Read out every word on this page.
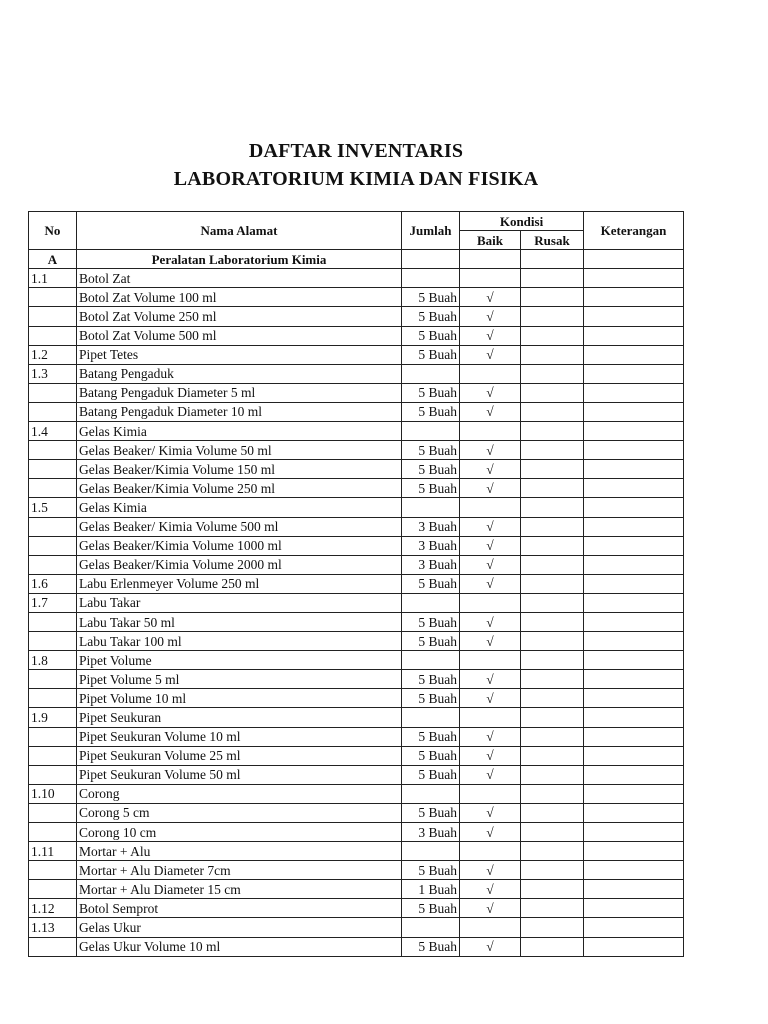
DAFTAR INVENTARIS
LABORATORIUM KIMIA DAN FISIKA
No	Nama Alamat	Jumlah	Kondisi		Keterangan
			Baik	Rusak	
A	Peralatan Laboratorium Kimia				
1.1	Botol Zat				
	Botol Zat Volume 100 ml	5 Buah	√		
	Botol Zat Volume 250 ml	5 Buah	√		
	Botol Zat Volume 500 ml	5 Buah	√		
1.2	Pipet Tetes	5 Buah	√		
1.3	Batang Pengaduk				
	Batang Pengaduk Diameter 5 ml	5 Buah	√		
	Batang Pengaduk Diameter 10 ml	5 Buah	√		
1.4	Gelas Kimia				
	Gelas Beaker/ Kimia Volume 50 ml	5 Buah	√		
	Gelas Beaker/Kimia Volume 150 ml	5 Buah	√		
	Gelas Beaker/Kimia Volume 250 ml	5 Buah	√		
1.5	Gelas Kimia				
	Gelas Beaker/ Kimia Volume 500 ml	3 Buah	√		
	Gelas Beaker/Kimia Volume 1000 ml	3 Buah	√		
	Gelas Beaker/Kimia Volume 2000 ml	3 Buah	√		
1.6	Labu Erlenmeyer Volume 250 ml	5 Buah	√		
1.7	Labu Takar				
	Labu Takar 50 ml	5 Buah	√		
	Labu Takar 100 ml	5 Buah	√		
1.8	Pipet Volume				
	Pipet Volume 5 ml	5 Buah	√		
	Pipet Volume 10 ml	5 Buah	√		
1.9	Pipet Seukuran				
	Pipet Seukuran Volume 10 ml	5 Buah	√		
	Pipet Seukuran Volume 25 ml	5 Buah	√		
	Pipet Seukuran Volume 50 ml	5 Buah	√		
1.10	Corong				
	Corong 5 cm	5 Buah	√		
	Corong 10 cm	3 Buah	√		
1.11	Mortar + Alu				
	Mortar + Alu Diameter 7cm	5 Buah	√		
	Mortar + Alu Diameter 15 cm	1 Buah	√		
1.12	Botol Semprot	5 Buah	√		
1.13	Gelas Ukur				
	Gelas Ukur Volume 10 ml	5 Buah	√		
